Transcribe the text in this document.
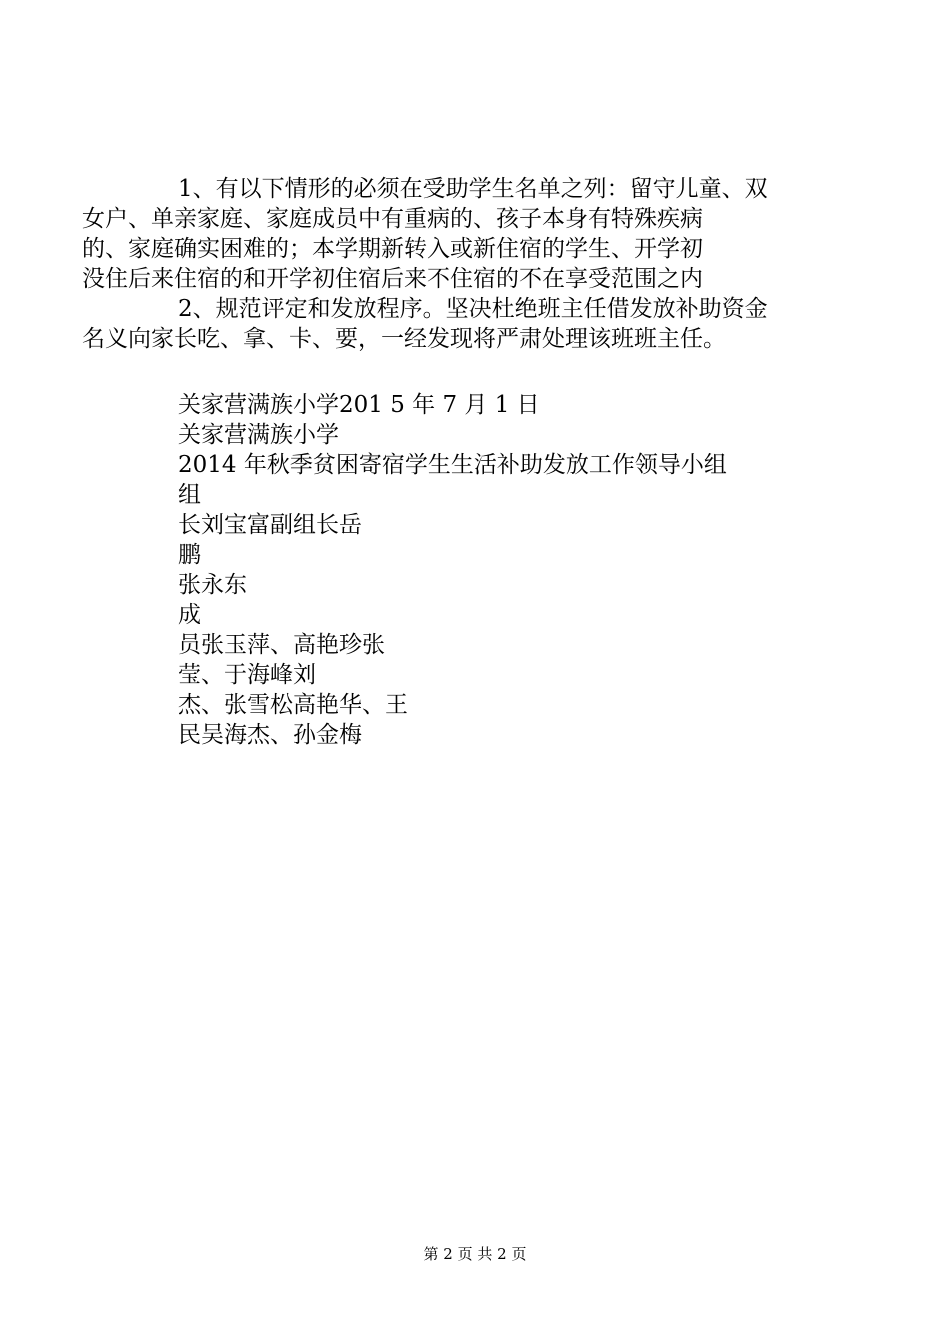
1、有以下情形的必须在受助学生名单之列：留守儿童、双
女户、单亲家庭、家庭成员中有重病的、孩子本身有特殊疾病
的、家庭确实困难的；本学期新转入或新住宿的学生、开学初
没住后来住宿的和开学初住宿后来不住宿的不在享受范围之内

2、规范评定和发放程序。坚决杜绝班主任借发放补助资金
名义向家长吃、拿、卡、要，一经发现将严肃处理该班班主任。

关家营满族小学201 5 年 7 月 1 日
关家营满族小学
2014 年秋季贫困寄宿学生生活补助发放工作领导小组
组
长刘宝富副组长岳
鹏
张永东
成
员张玉萍、高艳珍张
莹、于海峰刘
杰、张雪松高艳华、王
民吴海杰、孙金梅
第 2 页 共 2 页
